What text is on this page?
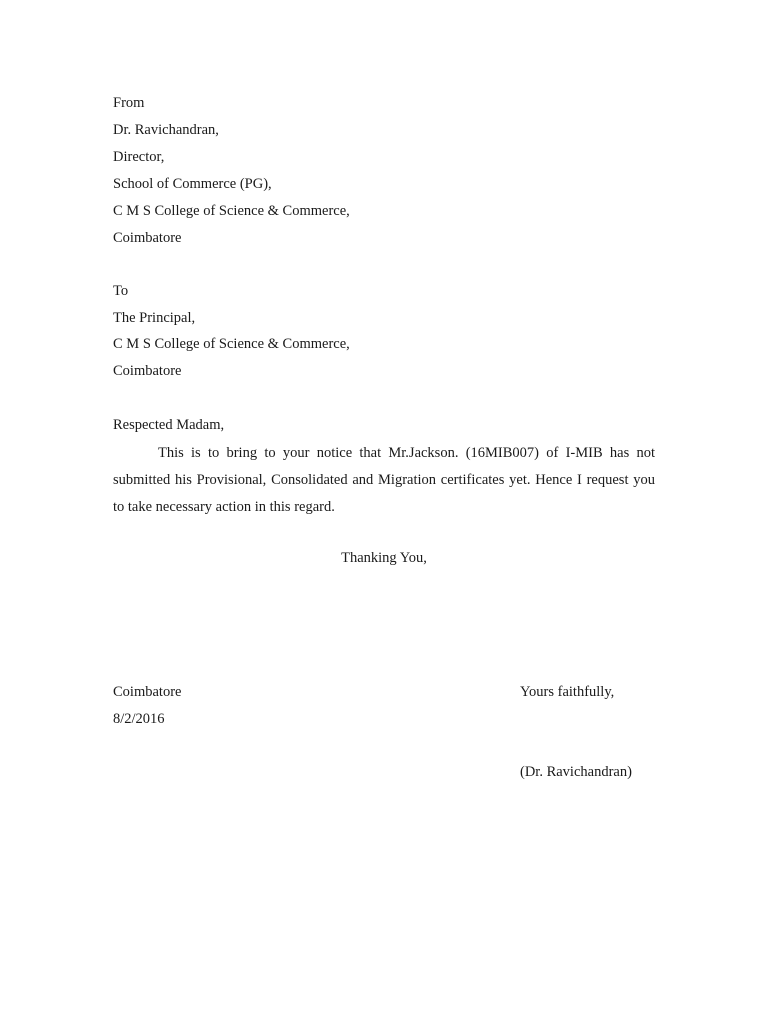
From
Dr. Ravichandran,
Director,
School of Commerce (PG),
C M S College of Science & Commerce,
Coimbatore
To
The Principal,
C M S College of Science & Commerce,
Coimbatore
Respected Madam,
This is to bring to your notice that Mr.Jackson. (16MIB007) of I-MIB has not submitted his Provisional, Consolidated and Migration certificates yet. Hence I request you to take necessary action in this regard.
Thanking You,
Coimbatore
8/2/2016
Yours faithfully,
(Dr. Ravichandran)
